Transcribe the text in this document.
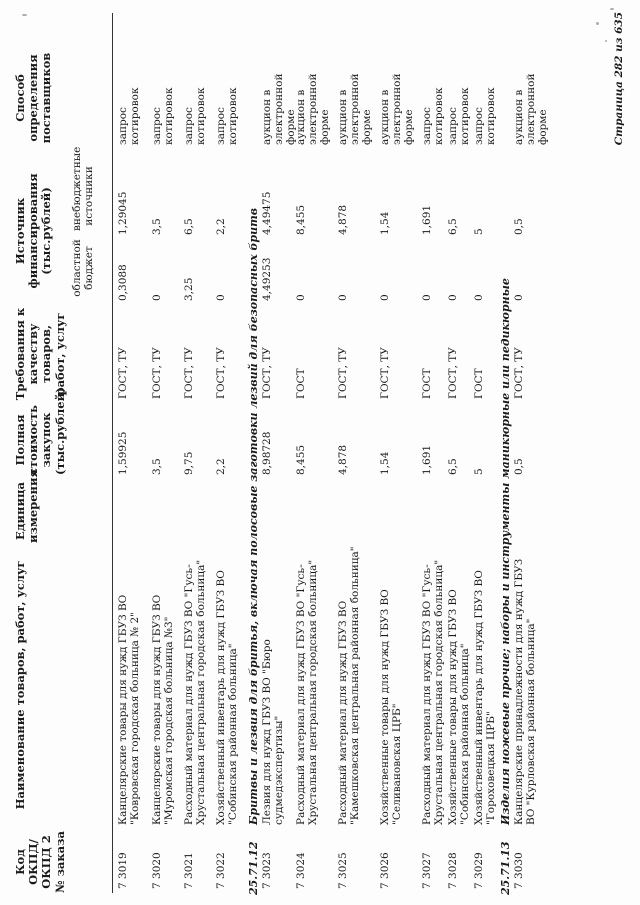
Код ОКПД/ ОКПД 2 № заказа
Наименование товаров, работ, услуг
Единица измерения
Полная стоимость закупок (тыс.рублей)
Требования к качеству товаров, работ, услуг
Источник финансирования (тыс.рублей) областной бюджет
внебюджетные источники
Способ определения поставщиков
7 3019
Канцелярские товары для нужд ГБУЗ ВО "Ковровская городская больница № 2"
1,59925
ГОСТ, ТУ
0,3088
1,29045
запрос котировок
7 3020
Канцелярские товары для нужд ГБУЗ ВО "Муромская городская больница №3"
3,5
ГОСТ, ТУ
0
3,5
запрос котировок
7 3021
Расходный материал для нужд ГБУЗ ВО "Гусь-Хрустальная центральная городская больница"
9,75
ГОСТ, ТУ
3,25
6,5
запрос котировок
7 3022
Хозяйственный инвентарь для нужд ГБУЗ ВО "Собинская районная больница"
2,2
ГОСТ, ТУ
0
2,2
запрос котировок
25.71.12
Бритвы и лезвия для бритья, включая полосовые заготовки лезвий для безопасных бритв
7 3023
Лезвия для нужд ГБУЗ ВО "Бюро судмедэкспертизы"
8,98728
ГОСТ, ТУ
4,49253
4,49475
аукцион в электронной форме
7 3024
Расходный материал для нужд ГБУЗ ВО "Гусь-Хрустальная центральная городская больница"
8,455
ГОСТ
0
8,455
аукцион в электронной форме
7 3025
Расходный материал для нужд ГБУЗ ВО "Камешковская центральная районная больница"
4,878
ГОСТ, ТУ
0
4,878
аукцион в электронной форме
7 3026
Хозяйственные товары для нужд ГБУЗ ВО "Селивановская ЦРБ"
1,54
ГОСТ, ТУ
0
1,54
аукцион в электронной форме
7 3027
Расходный материал для нужд ГБУЗ ВО "Гусь-Хрустальная центральная городская больница"
1,691
ГОСТ
0
1,691
запрос котировок
7 3028
Хозяйственные товары для нужд ГБУЗ ВО "Собинская районная больница"
6,5
ГОСТ, ТУ
0
6,5
запрос котировок
7 3029
Хозяйственный инвентарь для нужд ГБУЗ ВО "Гороховецкая ЦРБ"
5
ГОСТ
0
5
запрос котировок
25.71.13
Изделия ножевые прочие; наборы и инструменты маникюрные или педикюрные
7 3030
Канцелярские принадлежности для нужд ГБУЗ ВО "Курловская районная больница"
0,5
ГОСТ, ТУ
0
0,5
аукцион в электронной форме	Страница 282 из 635
